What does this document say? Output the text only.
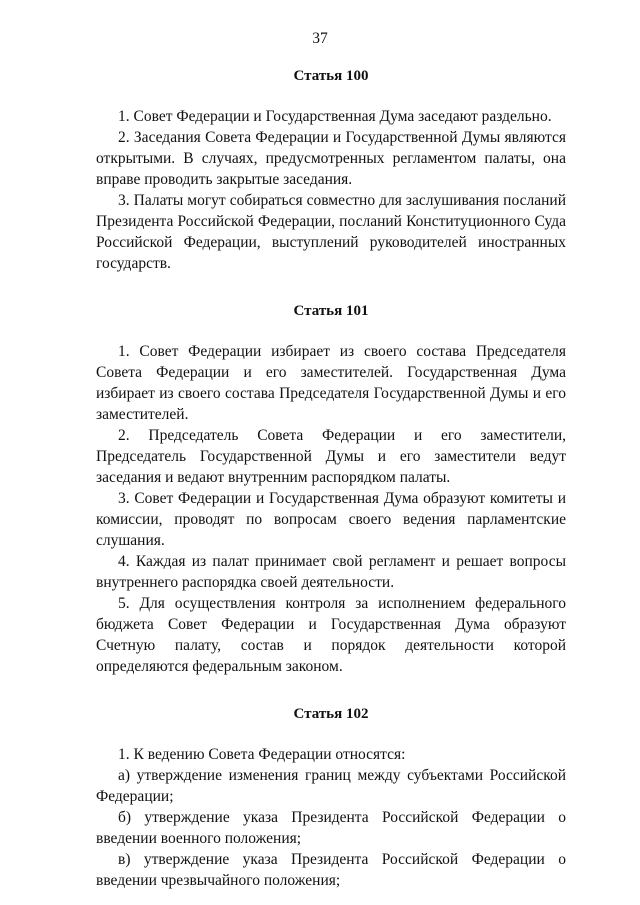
37
Статья 100

1. Совет Федерации и Государственная Дума заседают раздельно.

2. Заседания Совета Федерации и Государственной Думы являются открытыми. В случаях, предусмотренных регламентом палаты, она вправе проводить закрытые заседания.

3. Палаты могут собираться совместно для заслушивания посланий Президента Российской Федерации, посланий Конституционного Суда Российской Федерации, выступлений руководителей иностранных государств.

Статья 101

1. Совет Федерации избирает из своего состава Председателя Совета Федерации и его заместителей. Государственная Дума избирает из своего состава Председателя Государственной Думы и его заместителей.

2. Председатель Совета Федерации и его заместители, Председатель Государственной Думы и его заместители ведут заседания и ведают внутренним распорядком палаты.

3. Совет Федерации и Государственная Дума образуют комитеты и комиссии, проводят по вопросам своего ведения парламентские слушания.

4. Каждая из палат принимает свой регламент и решает вопросы внутреннего распорядка своей деятельности.

5. Для осуществления контроля за исполнением федерального бюджета Совет Федерации и Государственная Дума образуют Счетную палату, состав и порядок деятельности которой определяются федеральным законом.

Статья 102

1. К ведению Совета Федерации относятся:

а) утверждение изменения границ между субъектами Российской Федерации;

б) утверждение указа Президента Российской Федерации о введении военного положения;

в) утверждение указа Президента Российской Федерации о введении чрезвычайного положения;
